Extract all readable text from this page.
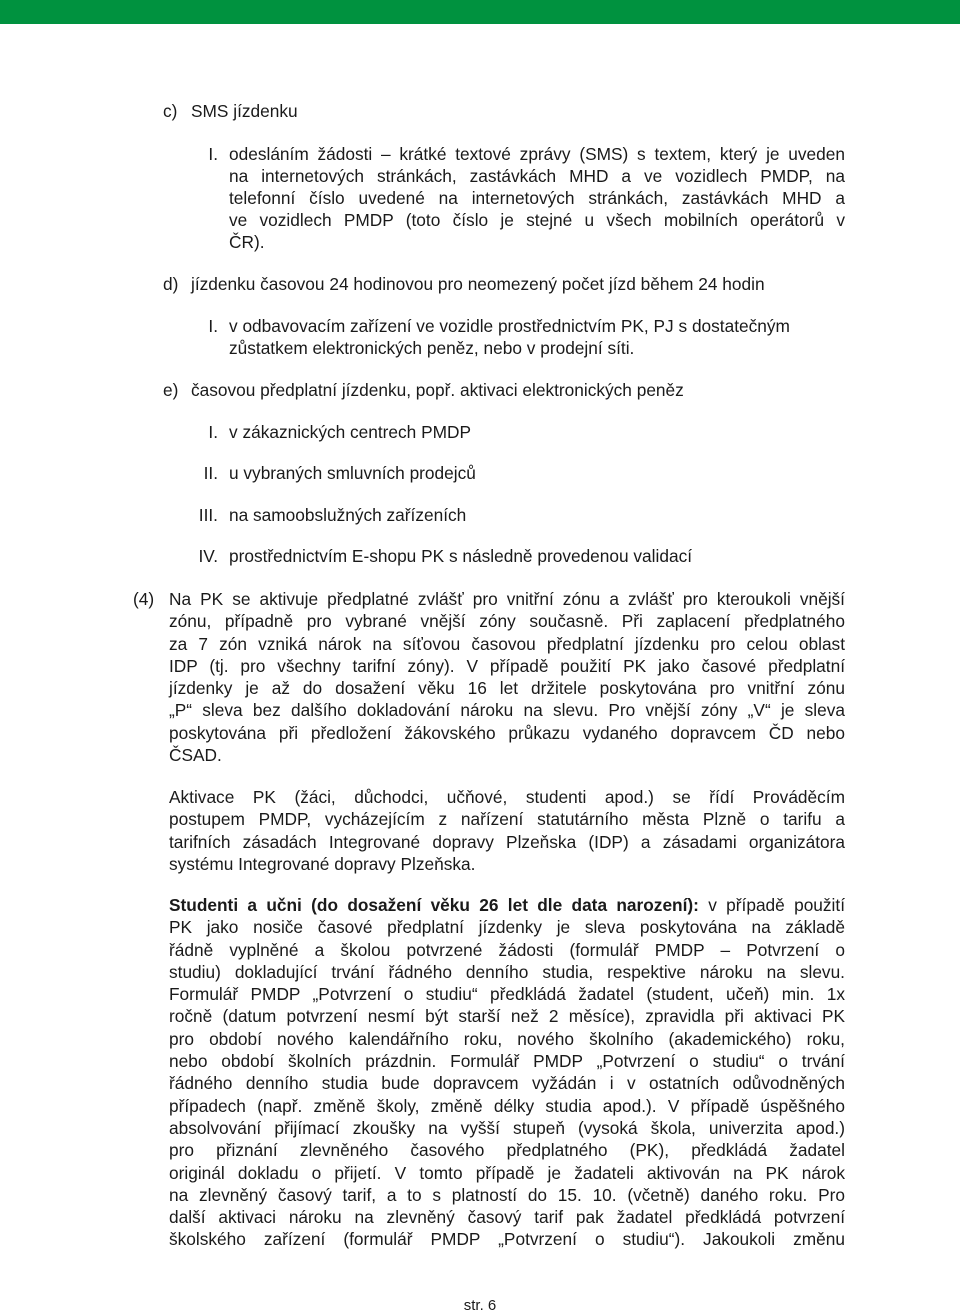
c) SMS jízdenku
I. odesláním žádosti – krátké textové zprávy (SMS) s textem, který je uveden
na internetových stránkách, zastávkách MHD a ve vozidlech PMDP, na
telefonní číslo uvedené na internetových stránkách, zastávkách MHD a
ve vozidlech PMDP (toto číslo je stejné u všech mobilních operátorů v
ČR).
d) jízdenku časovou 24 hodinovou pro neomezený počet jízd během 24 hodin
I. v odbavovacím zařízení ve vozidle prostřednictvím PK, PJ s dostatečným
zůstatkem elektronických peněz, nebo v prodejní síti.
e) časovou předplatní jízdenku, popř. aktivaci elektronických peněz
I. v zákaznických centrech PMDP
II. u vybraných smluvních prodejců
III. na samoobslužných zařízeních
IV. prostřednictvím E-shopu PK s následně provedenou validací
(4) Na PK se aktivuje předplatné zvlášť pro vnitřní zónu a zvlášť pro kteroukoli vnější
zónu, případně pro vybrané vnější zóny současně. Při zaplacení předplatného
za 7 zón vzniká nárok na síťovou časovou předplatní jízdenku pro celou oblast
IDP (tj. pro všechny tarifní zóny). V případě použití PK jako časové předplatní
jízdenky je až do dosažení věku 16 let držitele poskytována pro vnitřní zónu
„P“ sleva bez dalšího dokladování nároku na slevu. Pro vnější zóny „V“ je sleva
poskytována při předložení žákovského průkazu vydaného dopravcem ČD nebo
ČSAD.
Aktivace PK (žáci, důchodci, učňové, studenti apod.) se řídí Prováděcím
postupem PMDP, vycházejícím z nařízení statutárního města Plzně o tarifu a
tarifních zásadách Integrované dopravy Plzeňska (IDP) a zásadami organizátora
systému Integrované dopravy Plzeňska.
Studenti a učni (do dosažení věku 26 let dle data narození): v případě použití
PK jako nosiče časové předplatní jízdenky je sleva poskytována na základě
řádně vyplněné a školou potvrzené žádosti (formulář PMDP – Potvrzení o
studiu) dokladující trvání řádného denního studia, respektive nároku na slevu.
Formulář PMDP „Potvrzení o studiu“ předkládá žadatel (student, učeň) min. 1x
ročně (datum potvrzení nesmí být starší než 2 měsíce), zpravidla při aktivaci PK
pro období nového kalendářního roku, nového školního (akademického) roku,
nebo období školních prázdnin. Formulář PMDP „Potvrzení o studiu“ o trvání
řádného denního studia bude dopravcem vyžádán i v ostatních odůvodněných
případech (např. změně školy, změně délky studia apod.). V případě úspěšného
absolvování přijímací zkoušky na vyšší stupeň (vysoká škola, univerzita apod.)
pro přiznání zlevněného časového předplatného (PK), předkládá žadatel
originál dokladu o přijetí. V tomto případě je žadateli aktivován na PK nárok
na zlevněný časový tarif, a to s platností do 15. 10. (včetně) daného roku. Pro
další aktivaci nároku na zlevněný časový tarif pak žadatel předkládá potvrzení
školského zařízení (formulář PMDP „Potvrzení o studiu“). Jakoukoli změnu
str. 6
